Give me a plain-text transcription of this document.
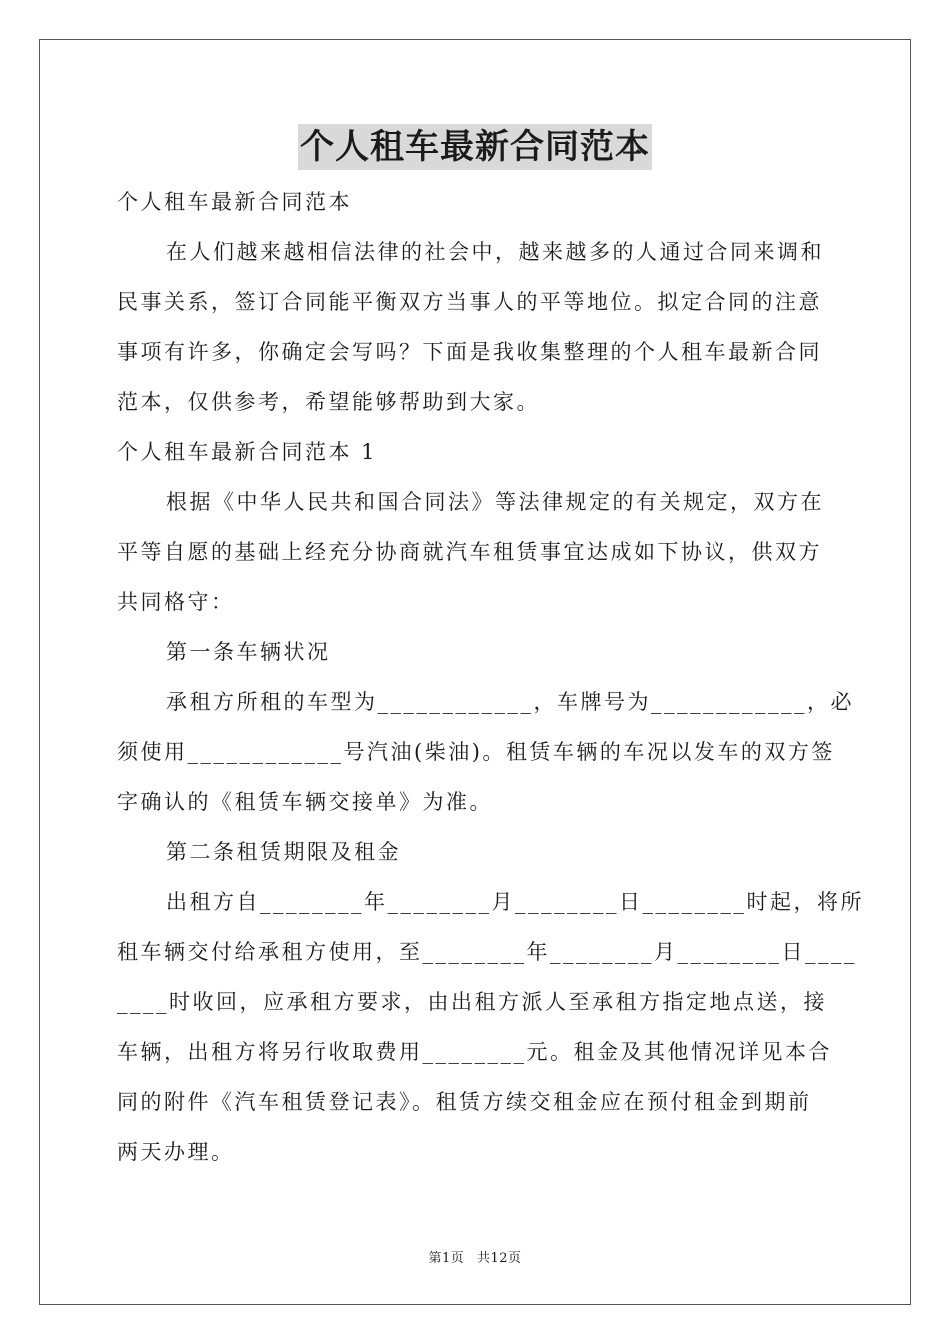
个人租车最新合同范本
个人租车最新合同范本
在人们越来越相信法律的社会中，越来越多的人通过合同来调和
民事关系，签订合同能平衡双方当事人的平等地位。拟定合同的注意
事项有许多，你确定会写吗？下面是我收集整理的个人租车最新合同
范本，仅供参考，希望能够帮助到大家。
个人租车最新合同范本 1
根据《中华人民共和国合同法》等法律规定的有关规定，双方在
平等自愿的基础上经充分协商就汽车租赁事宜达成如下协议，供双方
共同格守：
第一条车辆状况
承租方所租的车型为____________，车牌号为____________，必
须使用____________号汽油(柴油)。租赁车辆的车况以发车的双方签
字确认的《租赁车辆交接单》为准。
第二条租赁期限及租金
出租方自________年________月________日________时起，将所
租车辆交付给承租方使用，至________年________月________日____
____时收回，应承租方要求，由出租方派人至承租方指定地点送，接
车辆，出租方将另行收取费用________元。租金及其他情况详见本合
同的附件《汽车租赁登记表》。租赁方续交租金应在预付租金到期前
两天办理。
第1页 共12页
